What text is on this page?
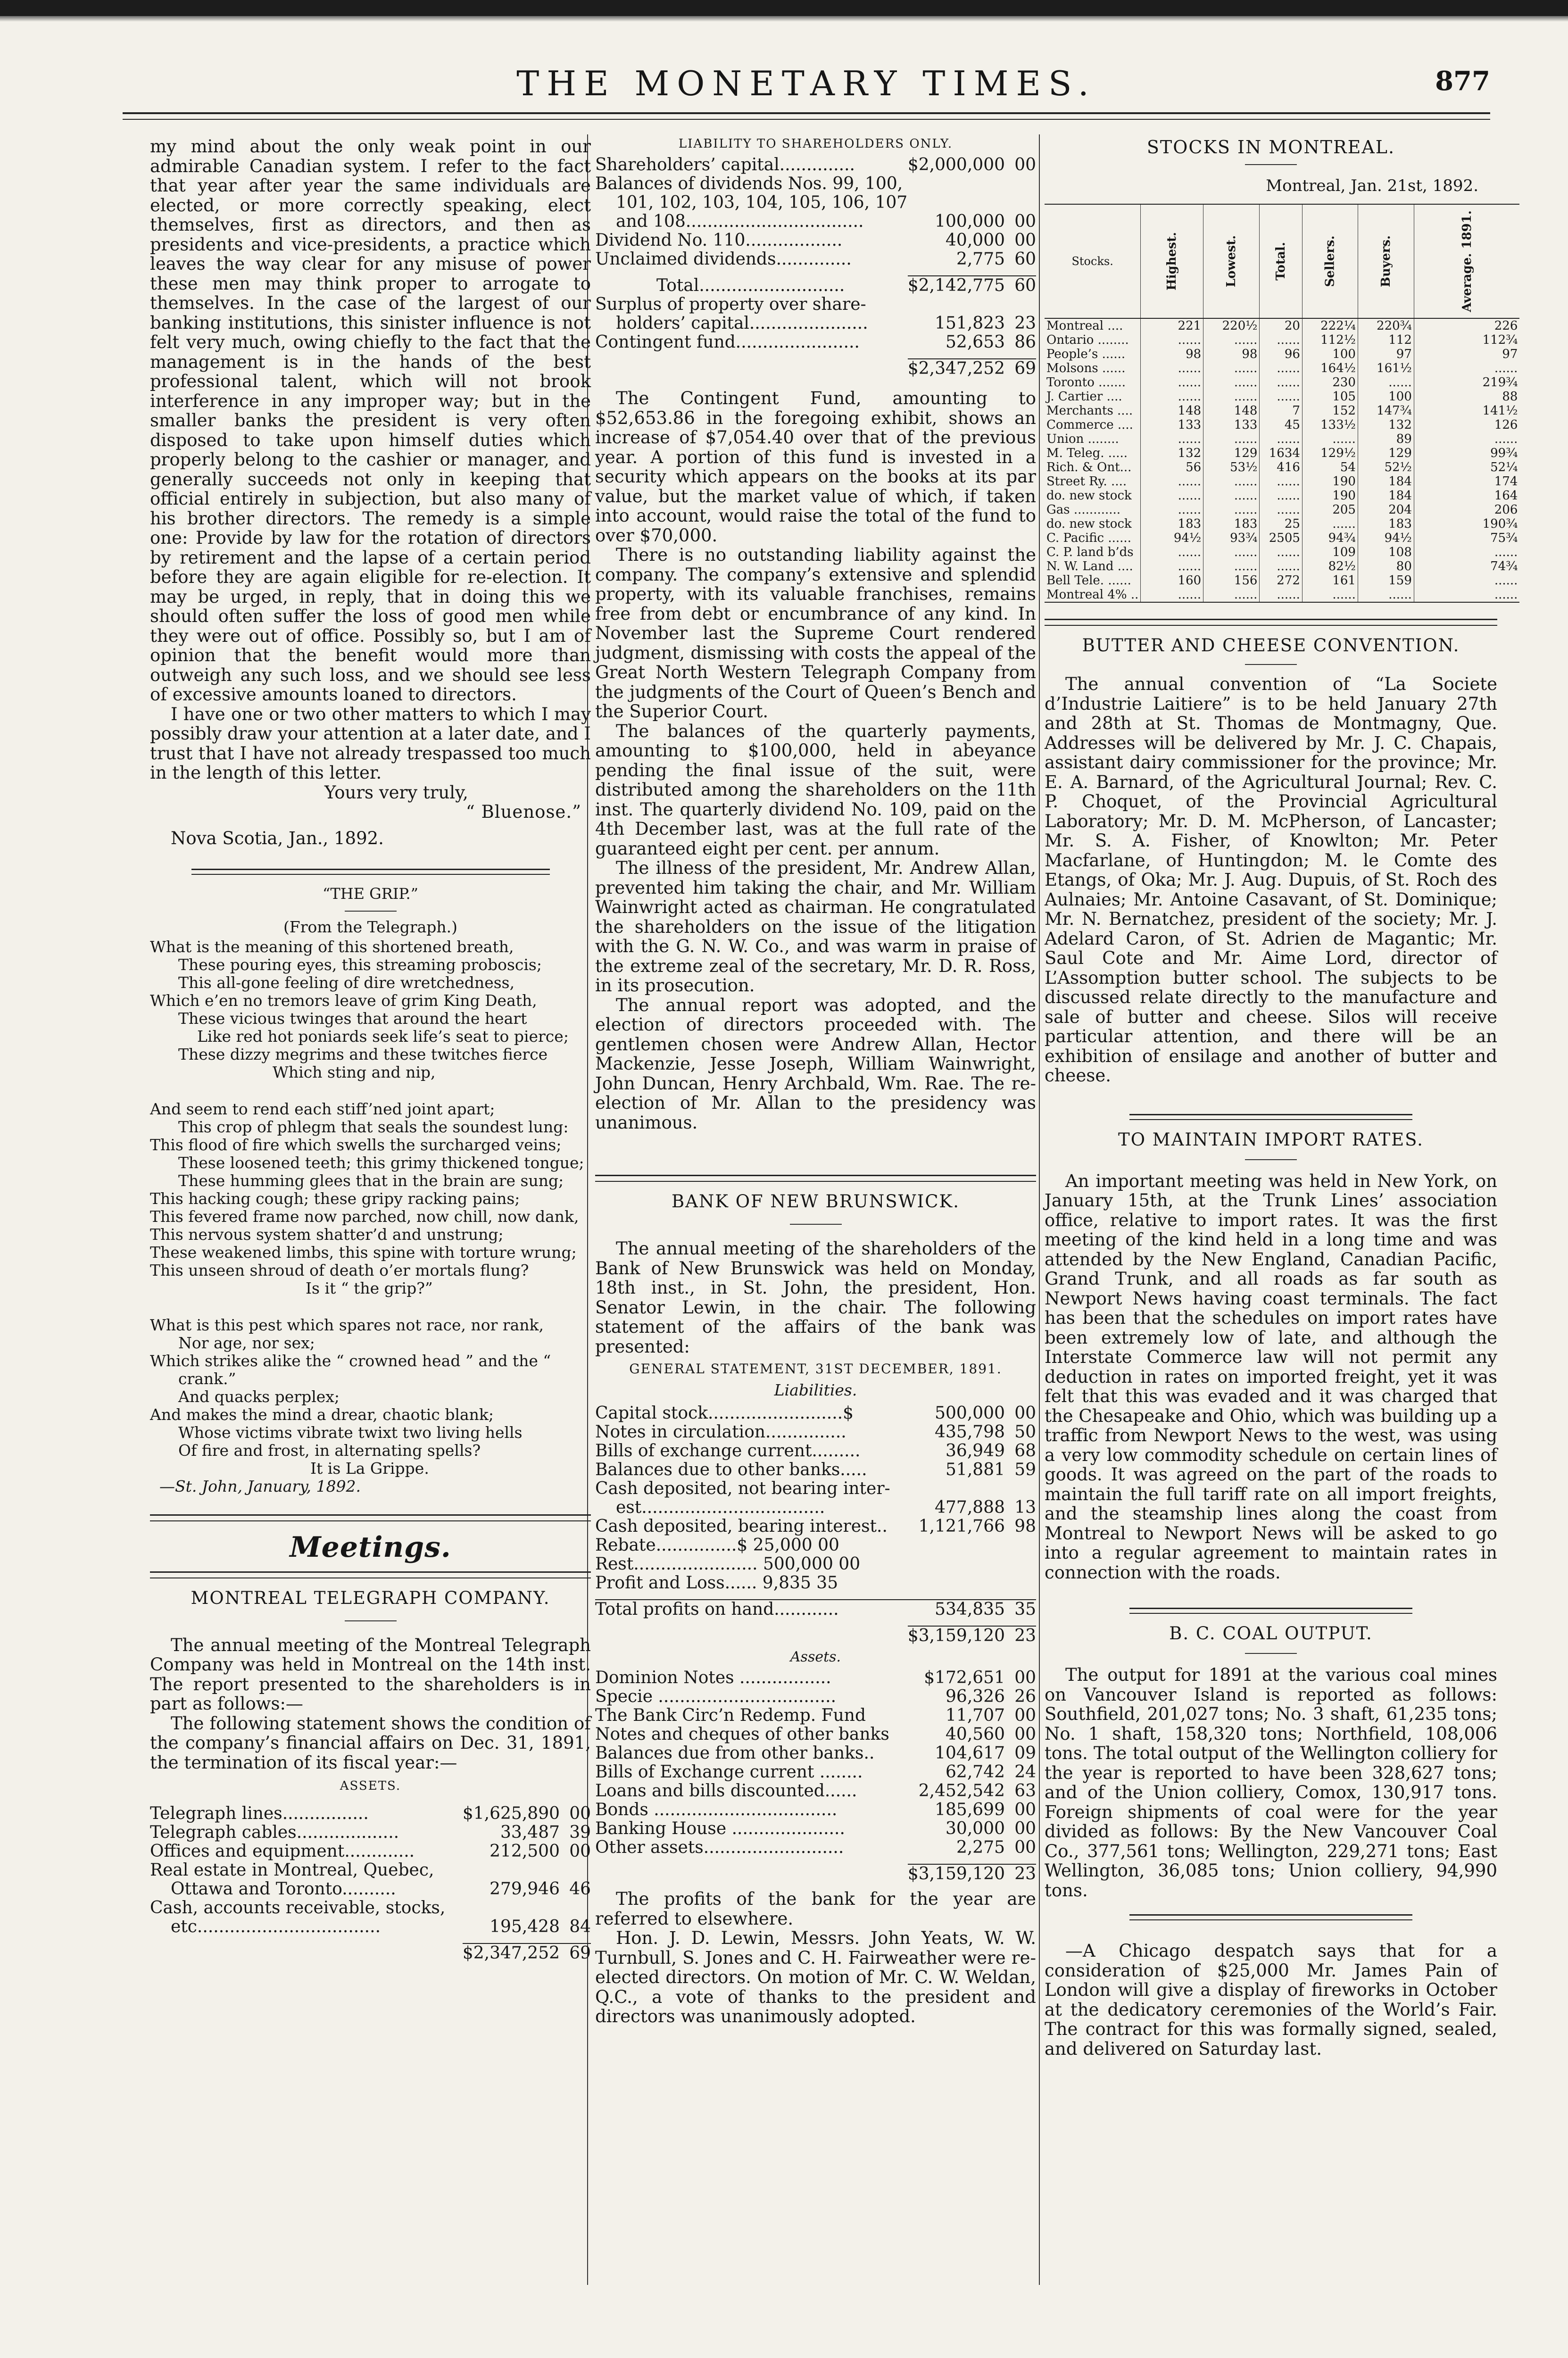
THE MONETARY TIMES.	877

my mind about the only weak point in our admirable Canadian system. I refer to the fact that year after year the same individuals are elected, or more correctly speaking, elect themselves, first as directors, and then as presidents and vice-presidents, a practice which leaves the way clear for any misuse of power these men may think proper to arrogate to themselves. In the case of the largest of our banking institutions, this sinister influence is not felt very much, owing chiefly to the fact that the management is in the hands of the best professional talent, which will not brook interference in any improper way; but in the smaller banks the president is very often disposed to take upon himself duties which properly belong to the cashier or manager, and generally succeeds not only in keeping that official entirely in subjection, but also many of his brother directors. The remedy is a simple one: Provide by law for the rotation of directors by retirement and the lapse of a certain period before they are again eligible for re-election. It may be urged, in reply, that in doing this we should often suffer the loss of good men while they were out of office. Possibly so, but I am of opinion that the benefit would more than outweigh any such loss, and we should see less of excessive amounts loaned to directors.

I have one or two other matters to which I may possibly draw your attention at a later date, and I trust that I have not already trespassed too much in the length of this letter.

Yours very truly,

“ Bluenose.”

Nova Scotia, Jan., 1892.

“THE GRIP.”

(From the Telegraph.)

What is the meaning of this shortened breath,
These pouring eyes, this streaming proboscis;
This all-gone feeling of dire wretchedness,
Which e’en no tremors leave of grim King Death,
These vicious twinges that around the heart
Like red hot poniards seek life’s seat to pierce;
These dizzy megrims and these twitches fierce
Which sting and nip,
And seem to rend each stiff’ned joint apart;
This crop of phlegm that seals the soundest lung:
This flood of fire which swells the surcharged veins;
These loosened teeth; this grimy thickened tongue;
These humming glees that in the brain are sung;
This hacking cough; these gripy racking pains;
This fevered frame now parched, now chill, now dank,
This nervous system shatter’d and unstrung;
These weakened limbs, this spine with torture wrung;
This unseen shroud of death o’er mortals flung?
Is it “ the grip?”
What is this pest which spares not race, nor rank,
Nor age, nor sex;
Which strikes alike the “ crowned head ” and the “ crank.”
And quacks perplex;
And makes the mind a drear, chaotic blank;
Whose victims vibrate twixt two living hells
Of fire and frost, in alternating spells?
It is La Grippe.

—St. John, January, 1892.

Meetings.

MONTREAL TELEGRAPH COMPANY.

The annual meeting of the Montreal Telegraph Company was held in Montreal on the 14th inst. The report presented to the shareholders is in part as follows:—

The following statement shows the condition of the company’s financial affairs on Dec. 31, 1891, the termination of its fiscal year:—

ASSETS.

Telegraph lines................	$1,625,890	00
Telegraph cables...................	33,487	39
Offices and equipment.............	212,500	00
Real estate in Montreal, Quebec,		
Ottawa and Toronto..........	279,946	46
Cash, accounts receivable, stocks,		
etc..................................	195,428	84

	$2,347,252	69

LIABILITY TO SHAREHOLDERS ONLY.

Shareholders’ capital..............	$2,000,000	00
Balances of dividends Nos. 99, 100,		
101, 102, 103, 104, 105, 106, 107		
and 108.................................	100,000	00
Dividend No. 110..................	40,000	00
Unclaimed dividends..............	2,775	60

Total...........................	$2,142,775	60
Surplus of property over share-		
holders’ capital......................	151,823	23
Contingent fund.......................	52,653	86

	$2,347,252	69

The Contingent Fund, amounting to $52,653.86 in the foregoing exhibit, shows an increase of $7,054.40 over that of the previous year. A portion of this fund is invested in a security which appears on the books at its par value, but the market value of which, if taken into account, would raise the total of the fund to over $70,000.

There is no outstanding liability against the company. The company’s extensive and splendid property, with its valuable franchises, remains free from debt or encumbrance of any kind. In November last the Supreme Court rendered judgment, dismissing with costs the appeal of the Great North Western Telegraph Company from the judgments of the Court of Queen’s Bench and the Superior Court.

The balances of the quarterly payments, amounting to $100,000, held in abeyance pending the final issue of the suit, were distributed among the shareholders on the 11th inst. The quarterly dividend No. 109, paid on the 4th December last, was at the full rate of the guaranteed eight per cent. per annum.

The illness of the president, Mr. Andrew Allan, prevented him taking the chair, and Mr. William Wainwright acted as chairman. He congratulated the shareholders on the issue of the litigation with the G. N. W. Co., and was warm in praise of the extreme zeal of the secretary, Mr. D. R. Ross, in its prosecution.

The annual report was adopted, and the election of directors proceeded with. The gentlemen chosen were Andrew Allan, Hector Mackenzie, Jesse Joseph, William Wainwright, John Duncan, Henry Archbald, Wm. Rae. The re-election of Mr. Allan to the presidency was unanimous.

BANK OF NEW BRUNSWICK.

The annual meeting of the shareholders of the Bank of New Brunswick was held on Monday, 18th inst., in St. John, the president, Hon. Senator Lewin, in the chair. The following statement of the affairs of the bank was presented:

GENERAL STATEMENT, 31ST DECEMBER, 1891.

Liabilities.

Capital stock.........................$	500,000	00
Notes in circulation...............	435,798	50
Bills of exchange current.........	36,949	68
Balances due to other banks.....	51,881	59
Cash deposited, not bearing inter-		
est..................................	477,888	13
Cash deposited, bearing interest..	1,121,766	98
Rebate...............$ 25,000 00		
Rest....................... 500,000 00		
Profit and Loss...... 9,835 35		

Total profits on hand............	534,835	35

	$3,159,120	23

Assets.

Dominion Notes .................	$172,651	00
Specie .................................	96,326	26
The Bank Circ’n Redemp. Fund	11,707	00
Notes and cheques of other banks	40,560	00
Balances due from other banks..	104,617	09
Bills of Exchange current ........	62,742	24
Loans and bills discounted......	2,452,542	63
Bonds ..................................	185,699	00
Banking House .....................	30,000	00
Other assets..........................	2,275	00

	$3,159,120	23

The profits of the bank for the year are referred to elsewhere.

Hon. J. D. Lewin, Messrs. John Yeats, W. W. Turnbull, S. Jones and C. H. Fairweather were re-elected directors. On motion of Mr. C. W. Weldan, Q.C., a vote of thanks to the president and directors was unanimously adopted.

STOCKS IN MONTREAL.

Montreal, Jan. 21st, 1892.

Stocks.	Highest.	Lowest.	Total.	Sellers.	Buyers.	Average. 1891.
Montreal ....	221	220½	20	222¼	220¾	226
Ontario ........	......	......	......	112½	112	112¾
People’s ......	98	98	96	100	97	97
Molsons ......	......	......	......	164½	161½	......
Toronto .......	......	......	......	230	......	219¾
J. Cartier ....	......	......	......	105	100	88
Merchants ....	148	148	7	152	147¾	141½
Commerce ....	133	133	45	133½	132	126
Union ........	......	......	......	......	89	......
M. Teleg. .....	132	129	1634	129½	129	99¾
Rich. & Ont...	56	53½	416	54	52½	52¼
Street Ry. ....	......	......	......	190	184	174
do. new stock	......	......	......	190	184	164
Gas ............	......	......	......	205	204	206
do. new stock	183	183	25	......	183	190¾
C. Pacific ......	94½	93¾	2505	94¾	94½	75¾
C. P. land b’ds	......	......	......	109	108	......
N. W. Land ....	......	......	......	82½	80	74¾
Bell Tele. ......	160	156	272	161	159	......
Montreal 4% ..	......	......	......	......	......	......

BUTTER AND CHEESE CONVENTION.

The annual convention of “La Societe d’Industrie Laitiere” is to be held January 27th and 28th at St. Thomas de Montmagny, Que. Addresses will be delivered by Mr. J. C. Chapais, assistant dairy commissioner for the province; Mr. E. A. Barnard, of the Agricultural Journal; Rev. C. P. Choquet, of the Provincial Agricultural Laboratory; Mr. D. M. McPherson, of Lancaster; Mr. S. A. Fisher, of Knowlton; Mr. Peter Macfarlane, of Huntingdon; M. le Comte des Etangs, of Oka; Mr. J. Aug. Dupuis, of St. Roch des Aulnaies; Mr. Antoine Casavant, of St. Dominique; Mr. N. Bernatchez, president of the society; Mr. J. Adelard Caron, of St. Adrien de Magantic; Mr. Saul Cote and Mr. Aime Lord, director of L’Assomption butter school. The subjects to be discussed relate directly to the manufacture and sale of butter and cheese. Silos will receive particular attention, and there will be an exhibition of ensilage and another of butter and cheese.

TO MAINTAIN IMPORT RATES.

An important meeting was held in New York, on January 15th, at the Trunk Lines’ association office, relative to import rates. It was the first meeting of the kind held in a long time and was attended by the New England, Canadian Pacific, Grand Trunk, and all roads as far south as Newport News having coast terminals. The fact has been that the schedules on import rates have been extremely low of late, and although the Interstate Commerce law will not permit any deduction in rates on imported freight, yet it was felt that this was evaded and it was charged that the Chesapeake and Ohio, which was building up a traffic from Newport News to the west, was using a very low commodity schedule on certain lines of goods. It was agreed on the part of the roads to maintain the full tariff rate on all import freights, and the steamship lines along the coast from Montreal to Newport News will be asked to go into a regular agreement to maintain rates in connection with the roads.

B. C. COAL OUTPUT.

The output for 1891 at the various coal mines on Vancouver Island is reported as follows: Southfield, 201,027 tons; No. 3 shaft, 61,235 tons; No. 1 shaft, 158,320 tons; Northfield, 108,006 tons. The total output of the Wellington colliery for the year is reported to have been 328,627 tons; and of the Union colliery, Comox, 130,917 tons. Foreign shipments of coal were for the year divided as follows: By the New Vancouver Coal Co., 377,561 tons; Wellington, 229,271 tons; East Wellington, 36,085 tons; Union colliery, 94,990 tons.

—A Chicago despatch says that for a consideration of $25,000 Mr. James Pain of London will give a display of fireworks in October at the dedicatory ceremonies of the World’s Fair. The contract for this was formally signed, sealed, and delivered on Saturday last.
